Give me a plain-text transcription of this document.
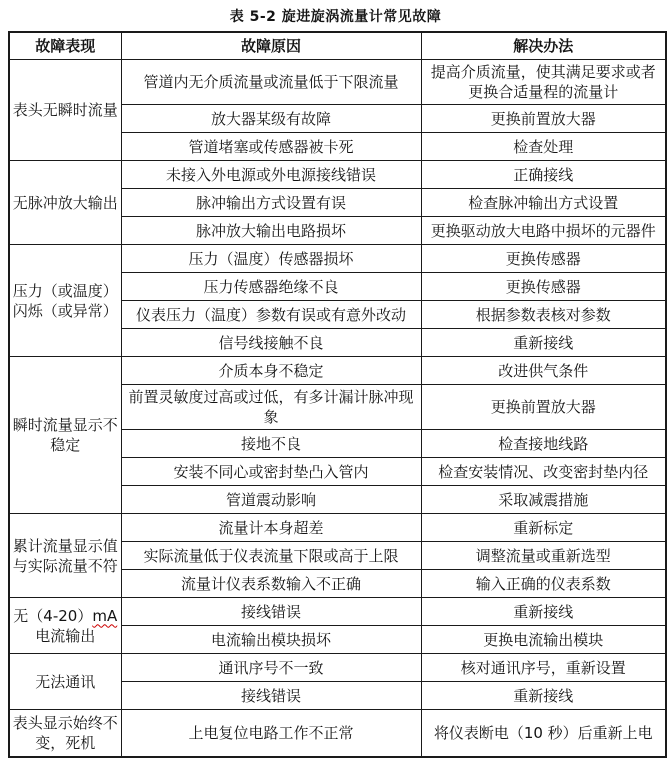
表 5-2 旋进旋涡流量计常见故障
故障表现	故障原因	解决办法
表头无瞬时流量	管道内无介质流量或流量低于下限流量	提高介质流量，使其满足要求或者更换合适量程的流量计
	放大器某级有故障	更换前置放大器
	管道堵塞或传感器被卡死	检查处理
无脉冲放大输出	未接入外电源或外电源接线错误	正确接线
	脉冲输出方式设置有误	检查脉冲输出方式设置
	脉冲放大输出电路损坏	更换驱动放大电路中损坏的元器件
压力（或温度）闪烁（或异常）	压力（温度）传感器损坏	更换传感器
	压力传感器绝缘不良	更换传感器
	仪表压力（温度）参数有误或有意外改动	根据参数表核对参数
	信号线接触不良	重新接线
瞬时流量显示不稳定	介质本身不稳定	改进供气条件
	前置灵敏度过高或过低，有多计漏计脉冲现象	更换前置放大器
	接地不良	检查接地线路
	安装不同心或密封垫凸入管内	检查安装情况、改变密封垫内径
	管道震动影响	采取减震措施
累计流量显示值与实际流量不符	流量计本身超差	重新标定
	实际流量低于仪表流量下限或高于上限	调整流量或重新选型
	流量计仪表系数输入不正确	输入正确的仪表系数
无（4-20）mA 电流输出	接线错误	重新接线
	电流输出模块损坏	更换电流输出模块
无法通讯	通讯序号不一致	核对通讯序号，重新设置
	接线错误	重新接线
表头显示始终不变，死机	上电复位电路工作不正常	将仪表断电（10 秒）后重新上电
